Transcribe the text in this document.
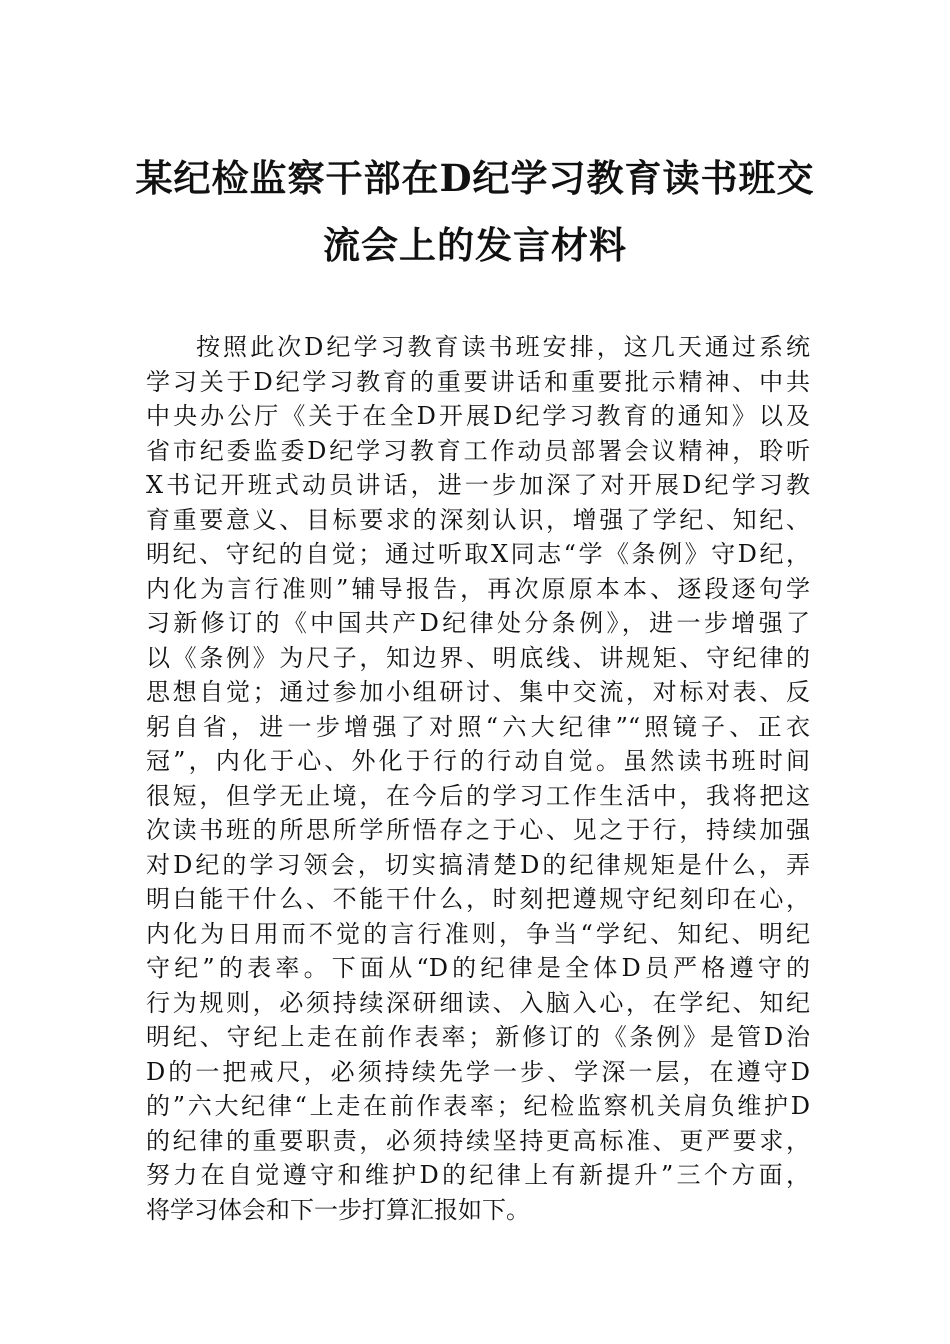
某纪检监察干部在D纪学习教育读书班交
流会上的发言材料
按照此次D纪学习教育读书班安排，这几天通过系统
学习关于D纪学习教育的重要讲话和重要批示精神、中共
中央办公厅《关于在全D开展D纪学习教育的通知》以及
省市纪委监委D纪学习教育工作动员部署会议精神，聆听
X书记开班式动员讲话，进一步加深了对开展D纪学习教
育重要意义、目标要求的深刻认识，增强了学纪、知纪、
明纪、守纪的自觉；通过听取X同志“学《条例》守D纪，
内化为言行准则”辅导报告，再次原原本本、逐段逐句学
习新修订的《中国共产D纪律处分条例》，进一步增强了
以《条例》为尺子，知边界、明底线、讲规矩、守纪律的
思想自觉；通过参加小组研讨、集中交流，对标对表、反
躬自省，进一步增强了对照“六大纪律”“照镜子、正衣
冠”，内化于心、外化于行的行动自觉。虽然读书班时间
很短，但学无止境，在今后的学习工作生活中，我将把这
次读书班的所思所学所悟存之于心、见之于行，持续加强
对D纪的学习领会，切实搞清楚D的纪律规矩是什么，弄
明白能干什么、不能干什么，时刻把遵规守纪刻印在心，
内化为日用而不觉的言行准则，争当“学纪、知纪、明纪
守纪”的表率。下面从“D的纪律是全体D员严格遵守的
行为规则，必须持续深研细读、入脑入心，在学纪、知纪
明纪、守纪上走在前作表率；新修订的《条例》是管D治
D的一把戒尺，必须持续先学一步、学深一层，在遵守D
的”六大纪律“上走在前作表率；纪检监察机关肩负维护D
的纪律的重要职责，必须持续坚持更高标准、更严要求，
努力在自觉遵守和维护D的纪律上有新提升”三个方面，
将学习体会和下一步打算汇报如下。
